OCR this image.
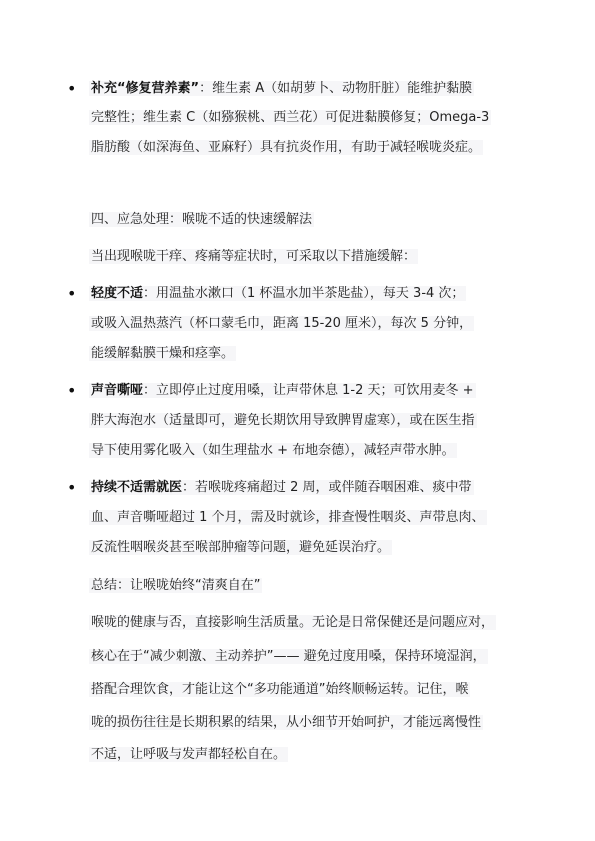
• 补充“修复营养素”：维生素 A（如胡萝卜、动物肝脏）能维护黏膜
完整性；维生素 C（如猕猴桃、西兰花）可促进黏膜修复；Omega-3
脂肪酸（如深海鱼、亚麻籽）具有抗炎作用，有助于减轻喉咙炎症。
四、应急处理：喉咙不适的快速缓解法
当出现喉咙干痒、疼痛等症状时，可采取以下措施缓解：
• 轻度不适：用温盐水漱口（1 杯温水加半茶匙盐），每天 3-4 次；
或吸入温热蒸汽（杯口蒙毛巾，距离 15-20 厘米），每次 5 分钟，
能缓解黏膜干燥和痉挛。
• 声音嘶哑：立即停止过度用嗓，让声带休息 1-2 天；可饮用麦冬 +
胖大海泡水（适量即可，避免长期饮用导致脾胃虚寒），或在医生指
导下使用雾化吸入（如生理盐水 + 布地奈德），减轻声带水肿。
• 持续不适需就医：若喉咙疼痛超过 2 周，或伴随吞咽困难、痰中带
血、声音嘶哑超过 1 个月，需及时就诊，排查慢性咽炎、声带息肉、
反流性咽喉炎甚至喉部肿瘤等问题，避免延误治疗。
总结：让喉咙始终“清爽自在”
喉咙的健康与否，直接影响生活质量。无论是日常保健还是问题应对，
核心在于“减少刺激、主动养护”—— 避免过度用嗓，保持环境湿润，
搭配合理饮食，才能让这个“多功能通道”始终顺畅运转。记住，喉
咙的损伤往往是长期积累的结果，从小细节开始呵护，才能远离慢性
不适，让呼吸与发声都轻松自在。
